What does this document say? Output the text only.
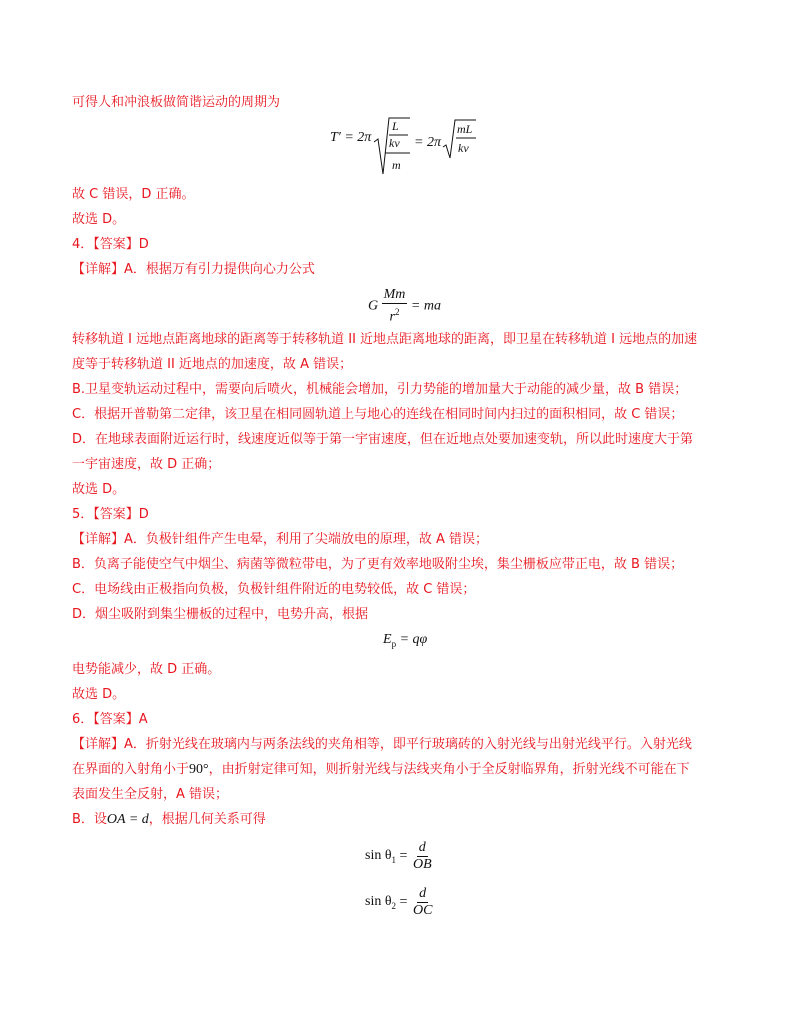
可得人和冲浪板做简谐运动的周期为
T′ = 2π
L
kv
m
= 2π
mL
kv
故 C 错误，D 正确。
故选 D。
4．【答案】D
【详解】A．根据万有引力提供向心力公式
G $\frac{Mm}{r^2}$ = ma
转移轨道 I 远地点距离地球的距离等于转移轨道 II 近地点距离地球的距离，即卫星在转移轨道 I 远地点的加速
度等于转移轨道 II 近地点的加速度，故 A 错误；
B.卫星变轨运动过程中，需要向后喷火，机械能会增加，引力势能的增加量大于动能的减少量，故 B 错误；
C．根据开普勒第二定律，该卫星在相同圆轨道上与地心的连线在相同时间内扫过的面积相同，故 C 错误；
D．在地球表面附近运行时，线速度近似等于第一宇宙速度，但在近地点处要加速变轨，所以此时速度大于第
一宇宙速度，故 D 正确；
故选 D。
5．【答案】D
【详解】A．负极针组件产生电晕，利用了尖端放电的原理，故 A 错误；
B．负离子能使空气中烟尘、病菌等微粒带电，为了更有效率地吸附尘埃，集尘栅板应带正电，故 B 错误；
C．电场线由正极指向负极，负极针组件附近的电势较低，故 C 错误；
D．烟尘吸附到集尘栅板的过程中，电势升高，根据
$E_p = q\varphi$
电势能减少，故 D 正确。
故选 D。
6．【答案】A
【详解】A．折射光线在玻璃内与两条法线的夹角相等，即平行玻璃砖的入射光线与出射光线平行。入射光线
在界面的入射角小于90°，由折射定律可知，则折射光线与法线夹角小于全反射临界角，折射光线不可能在下
表面发生全反射，A 错误；
B．设OA = d，根据几何关系可得
$\sin \theta_1 = \frac{d}{OB}$
$\sin \theta_2 = \frac{d}{OC}$
